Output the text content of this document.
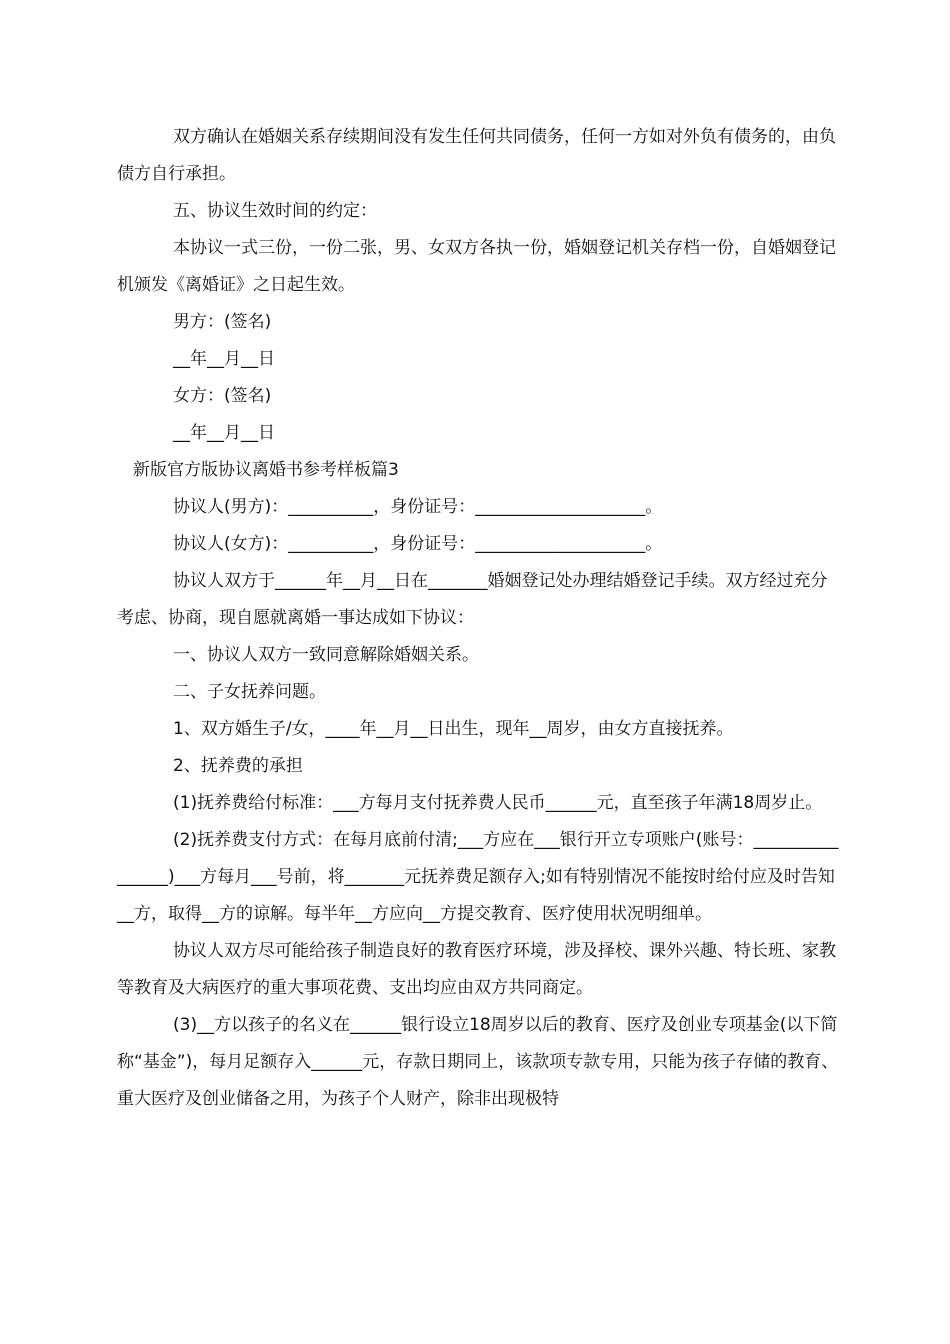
双方确认在婚姻关系存续期间没有发生任何共同债务，任何一方如对外负有债务的，由负债方自行承担。

五、协议生效时间的约定：

本协议一式三份，一份二张，男、女双方各执一份，婚姻登记机关存档一份，自婚姻登记机颁发《离婚证》之日起生效。

男方：(签名)

__年__月__日

女方：(签名)

__年__月__日

新版官方版协议离婚书参考样板篇3

协议人(男方)：__________，身份证号：____________________。

协议人(女方)：__________，身份证号：____________________。

协议人双方于______年__月__日在_______婚姻登记处办理结婚登记手续。双方经过充分考虑、协商，现自愿就离婚一事达成如下协议：

一、协议人双方一致同意解除婚姻关系。

二、子女抚养问题。

1、双方婚生子/女，____年__月__日出生，现年__周岁，由女方直接抚养。

2、抚养费的承担

(1)抚养费给付标准：___方每月支付抚养费人民币______元，直至孩子年满18周岁止。

(2)抚养费支付方式：在每月底前付清;___方应在___银行开立专项账户(账号：________________)___方每月___号前，将_______元抚养费足额存入;如有特别情况不能按时给付应及时告知__方，取得__方的谅解。每半年__方应向__方提交教育、医疗使用状况明细单。

协议人双方尽可能给孩子制造良好的教育医疗环境，涉及择校、课外兴趣、特长班、家教等教育及大病医疗的重大事项花费、支出均应由双方共同商定。

(3)__方以孩子的名义在______银行设立18周岁以后的教育、医疗及创业专项基金(以下简称“基金”)，每月足额存入______元，存款日期同上，该款项专款专用，只能为孩子存储的教育、重大医疗及创业储备之用，为孩子个人财产，除非出现极特
